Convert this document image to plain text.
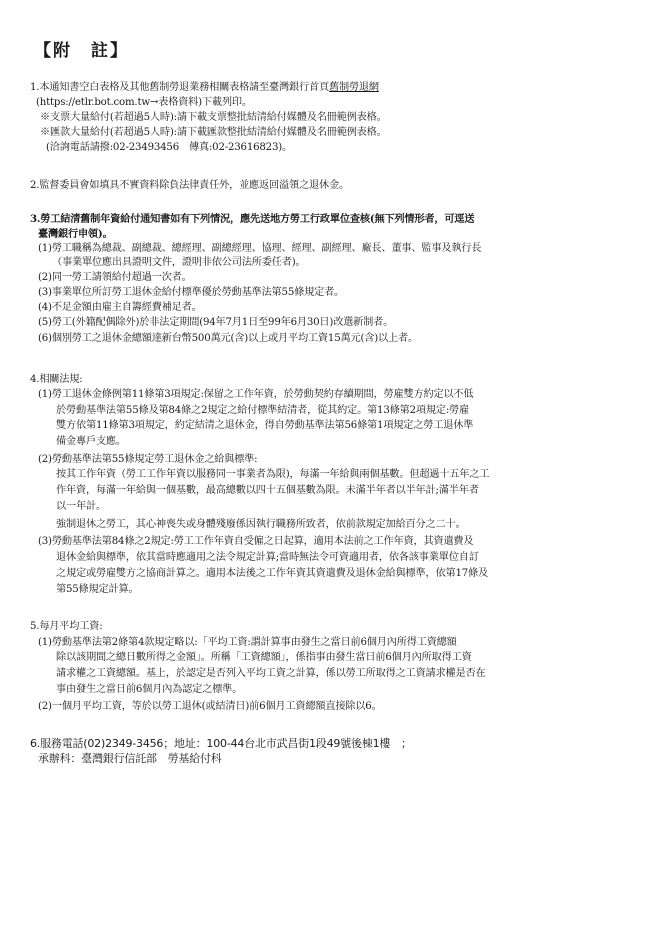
【附　註】
1.本通知書空白表格及其他舊制勞退業務相關表格請至臺灣銀行首頁舊制勞退網
(https://etlr.bot.com.tw→表格資料)下載列印。
※支票大量給付(若超過5人時):請下載支票整批結清給付媒體及名冊範例表格。
※匯款大量給付(若超過5人時):請下載匯款整批結清給付媒體及名冊範例表格。
(洽詢電話請撥:02-23493456　傳真:02-23616823)。
2.監督委員會如填具不實資料除負法律責任外，並應返回溢領之退休金。
3.勞工結清舊制年資給付通知書如有下列情況，應先送地方勞工行政單位查核(無下列情形者，可逕送
臺灣銀行申領)。
(1)勞工職稱為總裁、副總裁、總經理、副總經理、協理、經理、副經理、廠長、董事、監事及執行長
（事業單位應出具證明文件，證明非依公司法所委任者)。
(2)同一勞工請領給付超過一次者。
(3)事業單位所訂勞工退休金給付標準優於勞動基準法第55條規定者。
(4)不足金額由雇主自籌經費補足者。
(5)勞工(外籍配偶除外)於非法定期間(94年7月1日至99年6月30日)改選新制者。
(6)個別勞工之退休金總額達新台幣500萬元(含)以上或月平均工資15萬元(含)以上者。
4.相關法規:
(1)勞工退休金條例第11條第3項規定:保留之工作年資，於勞動契約存續期間，勞雇雙方約定以不低
於勞動基準法第55條及第84條之2規定之給付標準結清者，從其約定。第13條第2項規定:勞雇
雙方依第11條第3項規定，約定結清之退休金，得自勞動基準法第56條第1項規定之勞工退休準
備金專戶支應。
(2)勞動基準法第55條規定勞工退休金之給與標準:
按其工作年資（勞工工作年資以服務同一事業者為限)，每滿一年給與兩個基數。但超過十五年之工
作年資，每滿一年給與一個基數，最高總數以四十五個基數為限。未滿半年者以半年計;滿半年者
以一年計。
強制退休之勞工，其心神喪失或身體殘廢係因執行職務所致者，依前款規定加給百分之二十。
(3)勞動基準法第84條之2規定:勞工工作年資自受僱之日起算，適用本法前之工作年資，其資遣費及
退休金給與標準，依其當時應適用之法令規定計算;當時無法令可資適用者，依各該事業單位自訂
之規定或勞雇雙方之協商計算之。適用本法後之工作年資其資遣費及退休金給與標準，依第17條及
第55條規定計算。
5.每月平均工資:
(1)勞動基準法第2條第4款規定略以:「平均工資:謂計算事由發生之當日前6個月內所得工資總額
除以該期間之總日數所得之金額」。所稱「工資總額」，係指事由發生當日前6個月內所取得工資
請求權之工資總額。基上，於認定是否列入平均工資之計算，係以勞工所取得之工資請求權是否在
事由發生之當日前6個月內為認定之標準。
(2)一個月平均工資，等於以勞工退休(或結清日)前6個月工資總額直接除以6。
6.服務電話(02)2349-3456；地址：100-44台北市武昌街1段49號後棟1樓　；
承辦科：臺灣銀行信託部　勞基給付科
